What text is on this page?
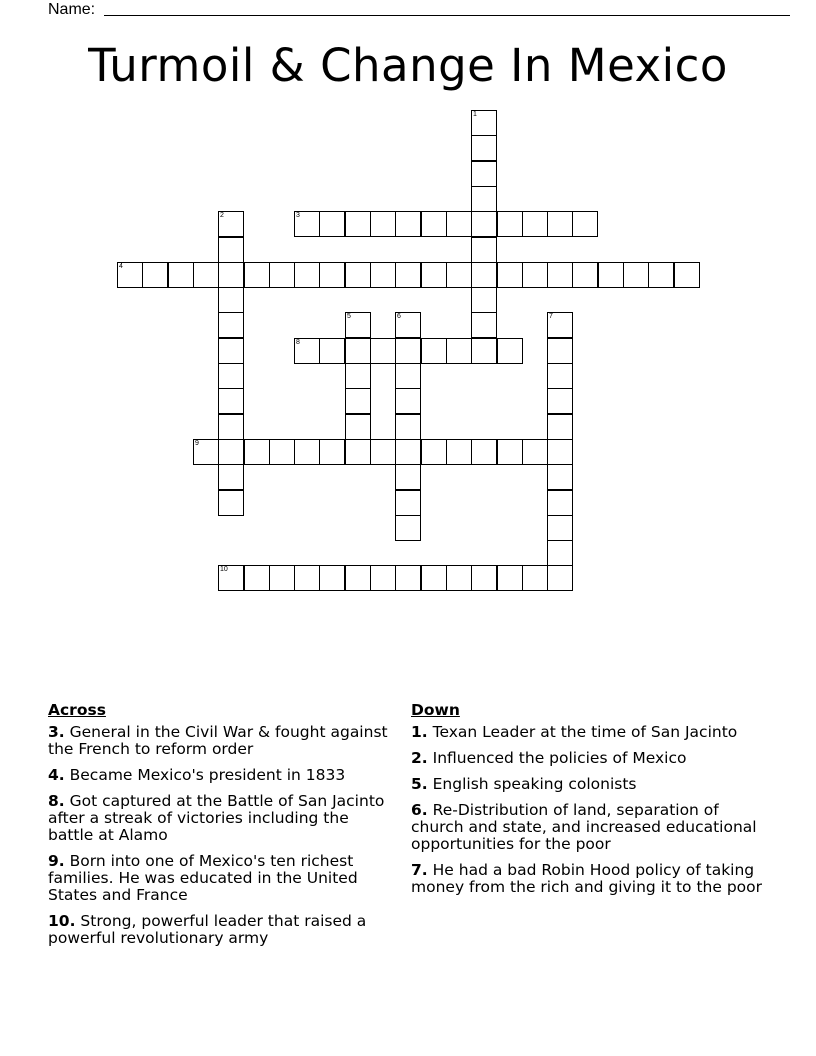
Name:
Turmoil & Change In Mexico
1
2	3
4
5	6	7
8
9
10
Across
3. General in the Civil War & fought against the French to reform order
4. Became Mexico's president in 1833
8. Got captured at the Battle of San Jacinto after a streak of victories including the battle at Alamo
9. Born into one of Mexico's ten richest families. He was educated in the United States and France
10. Strong, powerful leader that raised a powerful revolutionary army
Down
1. Texan Leader at the time of San Jacinto
2. Influenced the policies of Mexico
5. English speaking colonists
6. Re-Distribution of land, separation of church and state, and increased educational opportunities for the poor
7. He had a bad Robin Hood policy of taking money from the rich and giving it to the poor
